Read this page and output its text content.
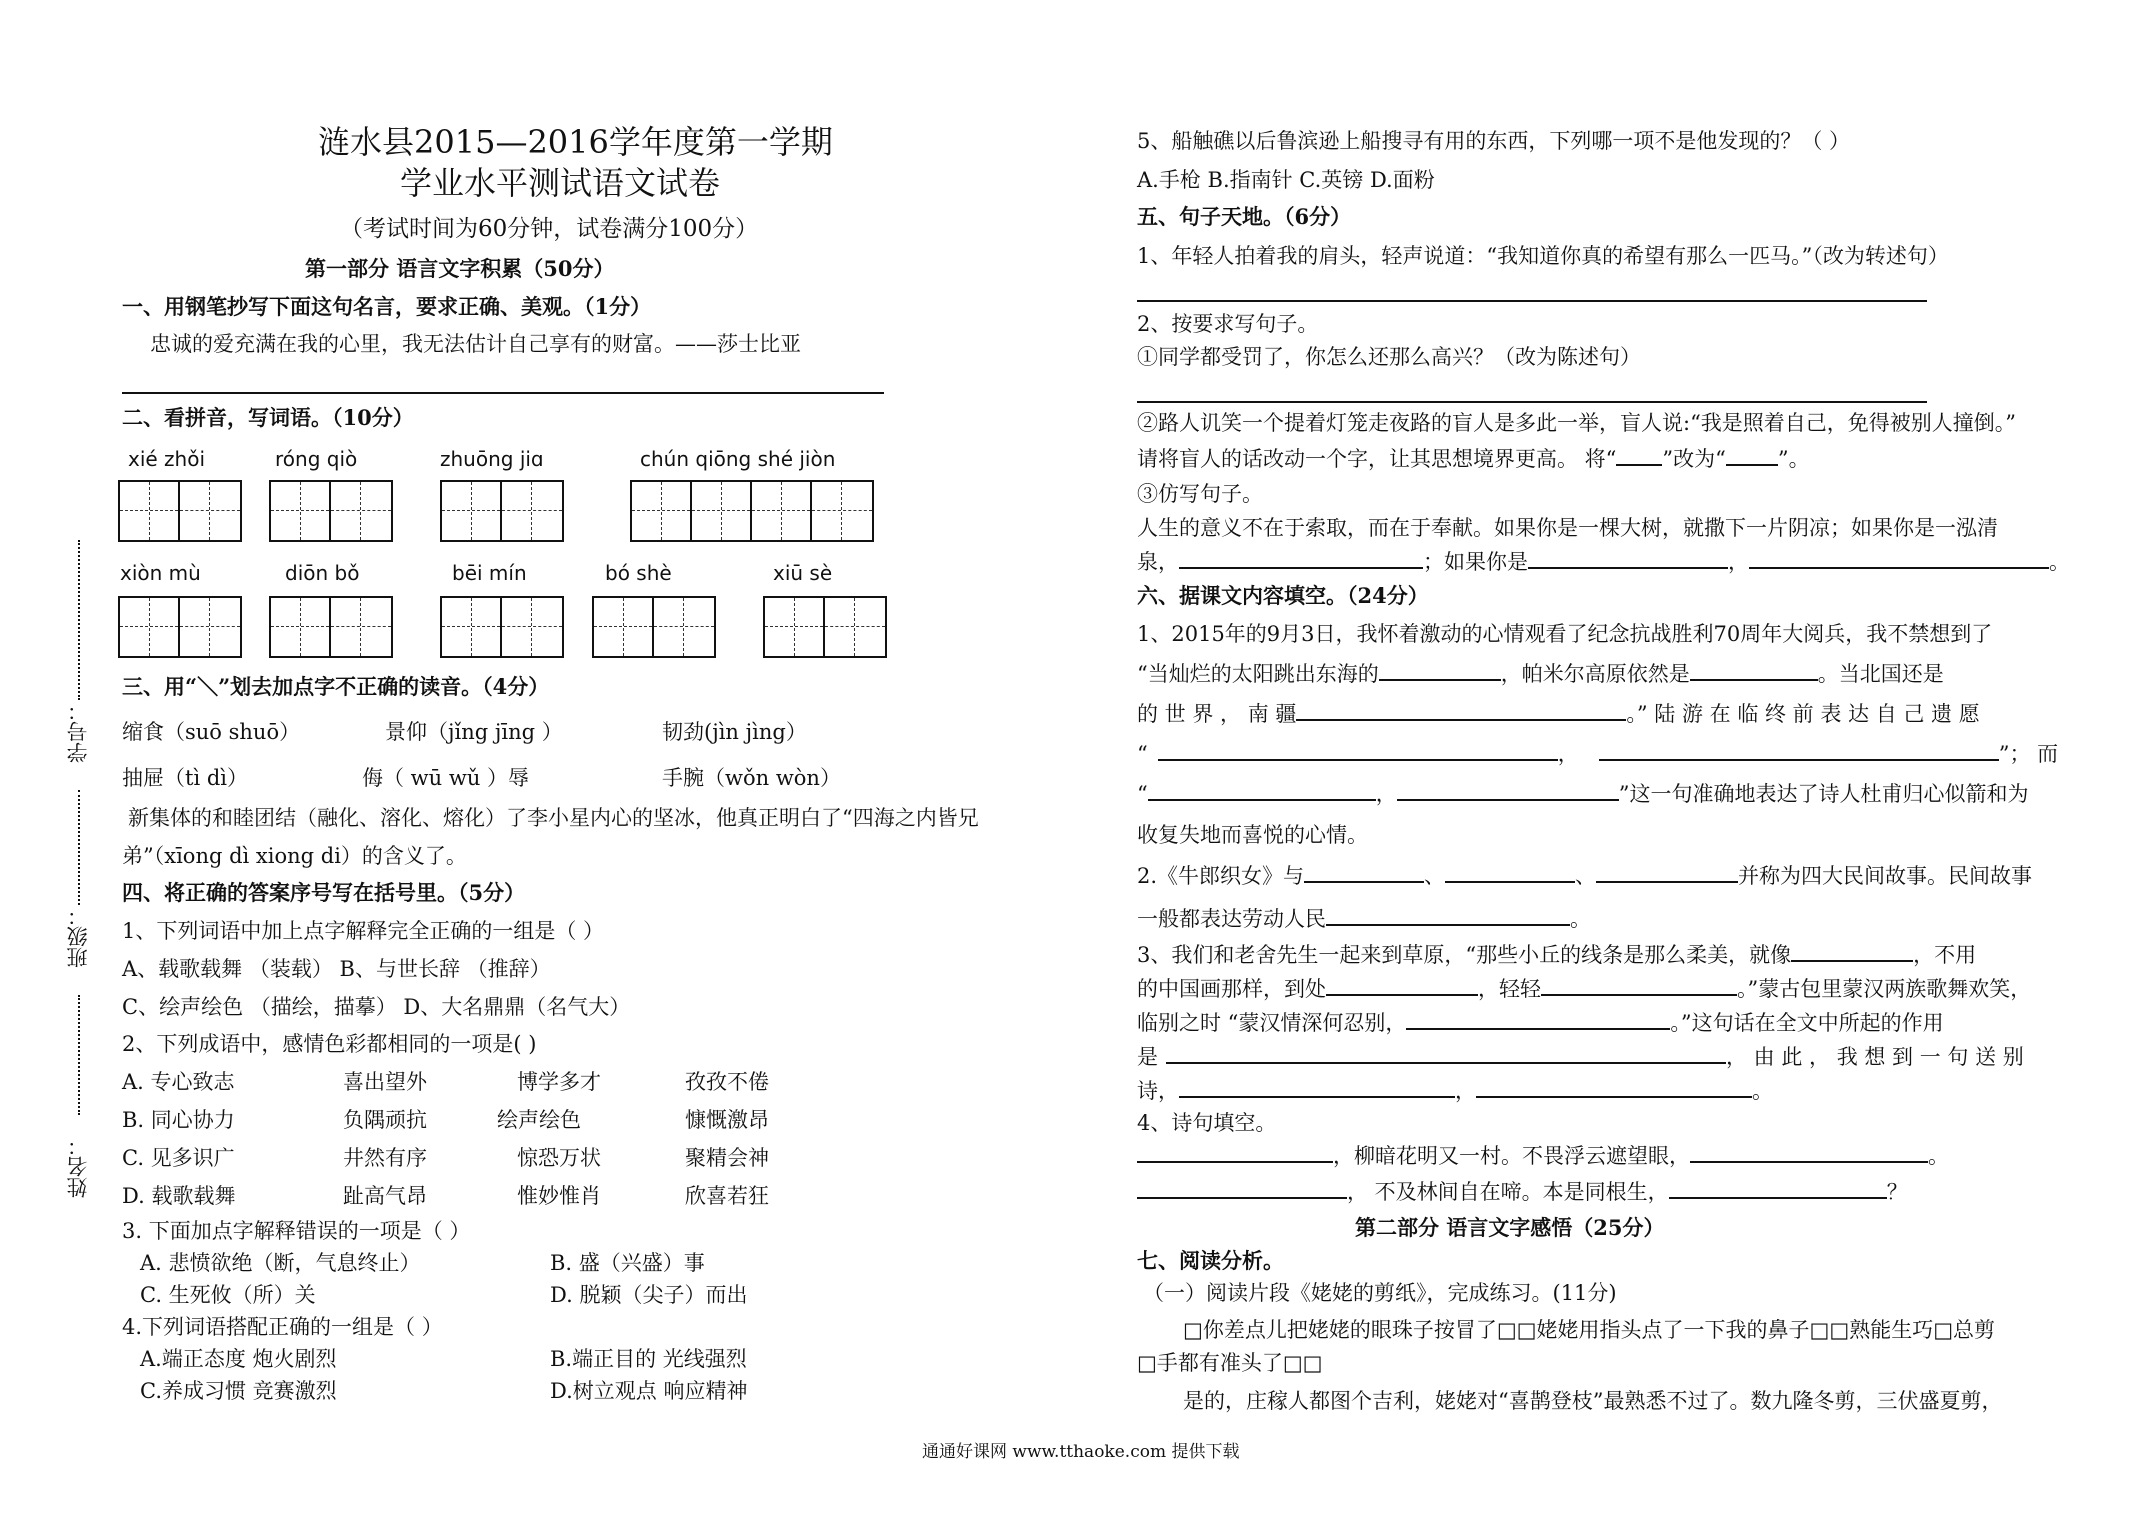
学号：
班级：
姓名：
涟水县2015—2016学年度第一学期
学业水平测试语文试卷
（考试时间为60分钟，试卷满分100分）
第一部分 语言文字积累（50分）
一、用钢笔抄写下面这句名言，要求正确、美观。（1分）
忠诚的爱充满在我的心里，我无法估计自己享有的财富。——莎士比亚
二、看拼音，写词语。（10分）
xié zhǒi	róng qiò	zhuōng jiɑ	chún qiōng shé jiòn
xiòn mù	diōn bǒ	bēi mín	bó shè	xiū sè
三、用“＼”划去加点字不正确的读音。（4分）
缩食（suō shuō）	景仰（jǐng jīng ）	韧劲(jìn jìng）
抽屉（tì dì）	侮（ wū wǔ ）辱	手腕（wǒn wòn）
新集体的和睦团结（融化、溶化、熔化）了李小星内心的坚冰，他真正明白了“四海之内皆兄
弟”（xīong dì xiong di）的含义了。
四、将正确的答案序号写在括号里。（5分）
1、下列词语中加上点字解释完全正确的一组是（ ）
A、载歌载舞 （装载） B、与世长辞 （推辞）
C、绘声绘色 （描绘，描摹） D、大名鼎鼎（名气大）
2、下列成语中，感情色彩都相同的一项是( )
A. 专心致志	喜出望外	博学多才	孜孜不倦
B. 同心协力	负隅顽抗	绘声绘色	慷慨激昂
C. 见多识广	井然有序	惊恐万状	聚精会神
D. 载歌载舞	趾高气昂	惟妙惟肖	欣喜若狂
3. 下面加点字解释错误的一项是（ ）
A. 悲愤欲绝（断，气息终止）	B. 盛（兴盛）事
C. 生死攸（所）关	D. 脱颖（尖子）而出
4.下列词语搭配正确的一组是（ ）
A.端正态度 炮火剧烈	B.端正目的 光线强烈
C.养成习惯 竞赛激烈	D.树立观点 响应精神
5、船触礁以后鲁滨逊上船搜寻有用的东西，下列哪一项不是他发现的？（ ）
A.手枪 B.指南针 C.英镑 D.面粉
五、句子天地。（6分）
1、年轻人拍着我的肩头，轻声说道：“我知道你真的希望有那么一匹马。”（改为转述句）
2、按要求写句子。
①同学都受罚了，你怎么还那么高兴？（改为陈述句）
②路人讥笑一个提着灯笼走夜路的盲人是多此一举，盲人说:“我是照着自己，免得被别人撞倒。”
请将盲人的话改动一个字，让其思想境界更高。 将“ ”改为“ ”。
③仿写句子。
人生的意义不在于索取，而在于奉献。如果你是一棵大树，就撒下一片阴凉；如果你是一泓清
泉，	；如果你是	，	。
六、据课文内容填空。（24分）
1、2015年的9月3日，我怀着激动的心情观看了纪念抗战胜利70周年大阅兵，我不禁想到了
“当灿烂的太阳跳出东海的	，帕米尔高原依然是	。当北国还是
的 世 界 ， 南 疆	。” 陆 游 在 临 终 前 表 达 自 己 遗 愿
“	，	”； 而
“	，	”这一句准确地表达了诗人杜甫归心似箭和为
收复失地而喜悦的心情。
2.《牛郎织女》与	、	、	并称为四大民间故事。民间故事
一般都表达劳动人民	。
3、我们和老舍先生一起来到草原，“那些小丘的线条是那么柔美，就像	，不用
的中国画那样，到处	，轻轻	。”蒙古包里蒙汉两族歌舞欢笑，
临别之时 “蒙汉情深何忍别，	。”这句话在全文中所起的作用
是	， 由 此 ， 我 想 到 一 句 送 别
诗，	，	。
4、诗句填空。
，柳暗花明又一村。不畏浮云遮望眼，	。
， 不及林间自在啼。本是同根生，	？
第二部分 语言文字感悟（25分）
七、阅读分析。
（一）阅读片段《姥姥的剪纸》，完成练习。(11分)
□你差点儿把姥姥的眼珠子按冒了□□姥姥用指头点了一下我的鼻子□□熟能生巧□总剪
□手都有准头了□□
是的，庄稼人都图个吉利，姥姥对“喜鹊登枝”最熟悉不过了。数九隆冬剪，三伏盛夏剪，
通通好课网 www.tthaoke.com 提供下载
